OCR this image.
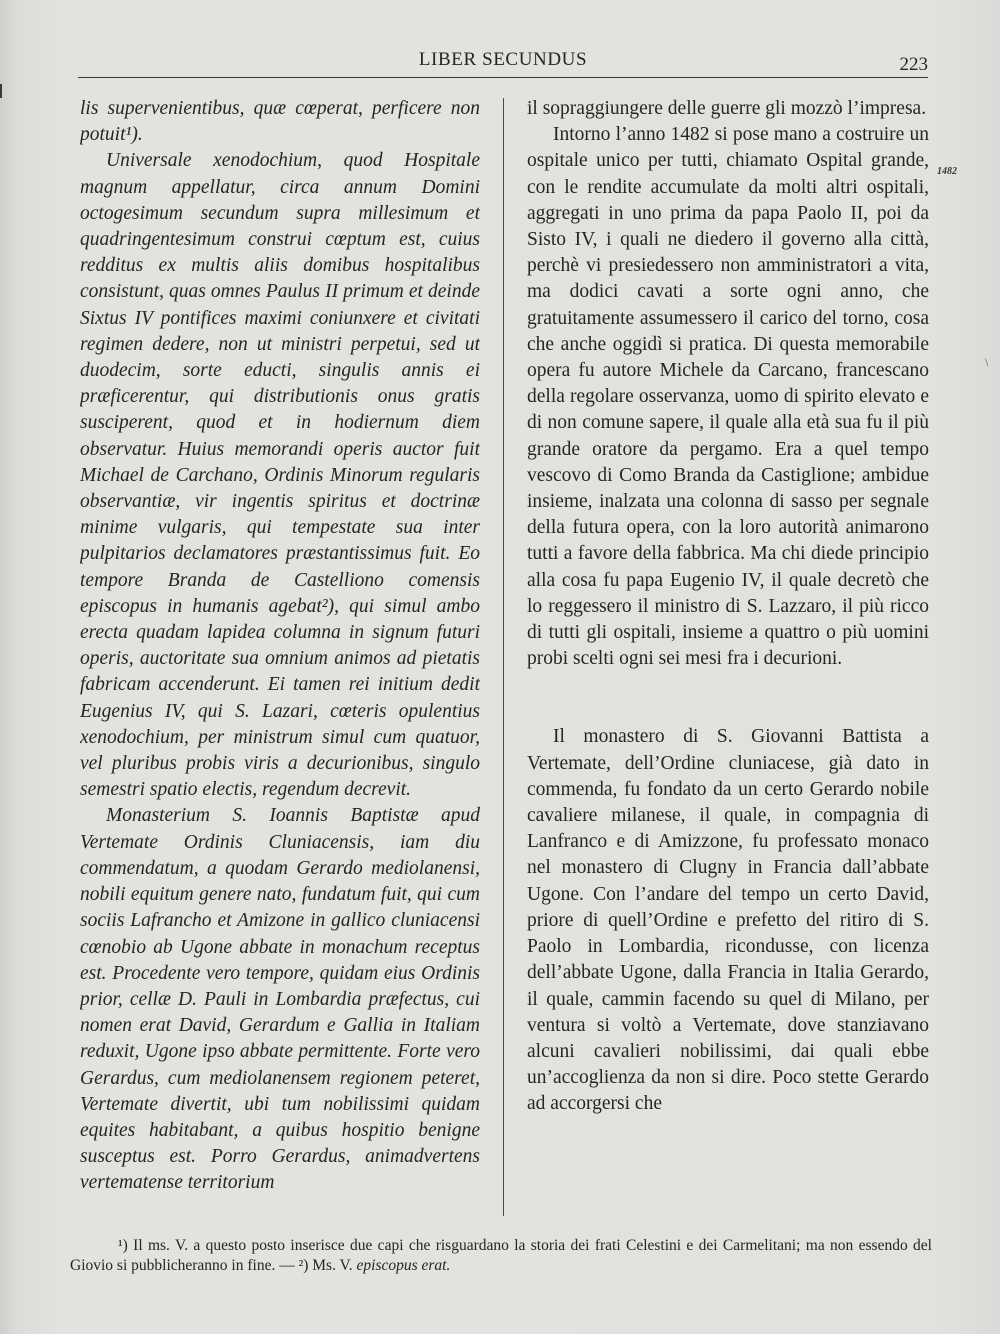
LIBER SECUNDUS	223

lis supervenientibus, quæ cœperat, perficere non potuit¹).

Universale xenodochium, quod Hospitale magnum appellatur, circa annum Domini octogesimum secundum supra millesimum et quadringentesimum construi cœptum est, cuius redditus ex multis aliis domibus hospitalibus consistunt, quas omnes Paulus II primum et deinde Sixtus IV pontifices maximi coniunxere et civitati regimen dedere, non ut ministri perpetui, sed ut duodecim, sorte educti, singulis annis ei præficerentur, qui distributionis onus gratis susciperent, quod et in hodiernum diem observatur. Huius memorandi operis auctor fuit Michael de Carchano, Ordinis Minorum regularis observantiæ, vir ingentis spiritus et doctrinæ minime vulgaris, qui tempestate sua inter pulpitarios declamatores præstantissimus fuit. Eo tempore Branda de Castelliono comensis episcopus in humanis agebat²), qui simul ambo erecta quadam lapidea columna in signum futuri operis, auctoritate sua omnium animos ad pietatis fabricam accenderunt. Ei tamen rei initium dedit Eugenius IV, qui S. Lazari, cœteris opulentius xenodochium, per ministrum simul cum quatuor, vel pluribus probis viris a decurionibus, singulo semestri spatio electis, regendum decrevit.

Monasterium S. Ioannis Baptistæ apud Vertemate Ordinis Cluniacensis, iam diu commendatum, a quodam Gerardo mediolanensi, nobili equitum genere nato, fundatum fuit, qui cum sociis Lafrancho et Amizone in gallico cluniacensi cœnobio ab Ugone abbate in monachum receptus est. Procedente vero tempore, quidam eius Ordinis prior, cellæ D. Pauli in Lombardia præfectus, cui nomen erat David, Gerardum e Gallia in Italiam reduxit, Ugone ipso abbate permittente. Forte vero Gerardus, cum mediolanensem regionem peteret, Vertemate divertit, ubi tum nobilissimi quidam equites habitabant, a quibus hospitio benigne susceptus est. Porro Gerardus, animadvertens vertematense territorium

il sopraggiungere delle guerre gli mozzò l’impresa.

Intorno l’anno 1482 si pose mano a costruire un ospitale unico per tutti, chiamato Ospital grande, con le rendite accumulate da molti altri ospitali, aggregati in uno prima da papa Paolo II, poi da Sisto IV, i quali ne diedero il governo alla città, perchè vi presiedessero non amministratori a vita, ma dodici cavati a sorte ogni anno, che gratuitamente assumessero il carico del torno, cosa che anche oggidì si pratica. Di questa memorabile opera fu autore Michele da Carcano, francescano della regolare osservanza, uomo di spirito elevato e di non comune sapere, il quale alla età sua fu il più grande oratore da pergamo. Era a quel tempo vescovo di Como Branda da Castiglione; ambidue insieme, inalzata una colonna di sasso per segnale della futura opera, con la loro autorità animarono tutti a favore della fabbrica. Ma chi diede principio alla cosa fu papa Eugenio IV, il quale decretò che lo reggessero il ministro di S. Lazzaro, il più ricco di tutti gli ospitali, insieme a quattro o più uomini probi scelti ogni sei mesi fra i decurioni.

Il monastero di S. Giovanni Battista a Vertemate, dell’Ordine cluniacese, già dato in commenda, fu fondato da un certo Gerardo nobile cavaliere milanese, il quale, in compagnia di Lanfranco e di Amizzone, fu professato monaco nel monastero di Clugny in Francia dall’abbate Ugone. Con l’andare del tempo un certo David, priore di quell’Ordine e prefetto del ritiro di S. Paolo in Lombardia, ricondusse, con licenza dell’abbate Ugone, dalla Francia in Italia Gerardo, il quale, cammin facendo su quel di Milano, per ventura si voltò a Vertemate, dove stanziavano alcuni cavalieri nobilissimi, dai quali ebbe un’accoglienza da non si dire. Poco stette Gerardo ad accorgersi che

1482
\

¹) Il ms. V. a questo posto inserisce due capi che risguardano la storia dei frati Celestini e dei Carmelitani; ma non essendo del Giovio si pubblicheranno in fine. — ²) Ms. V. episcopus erat.
